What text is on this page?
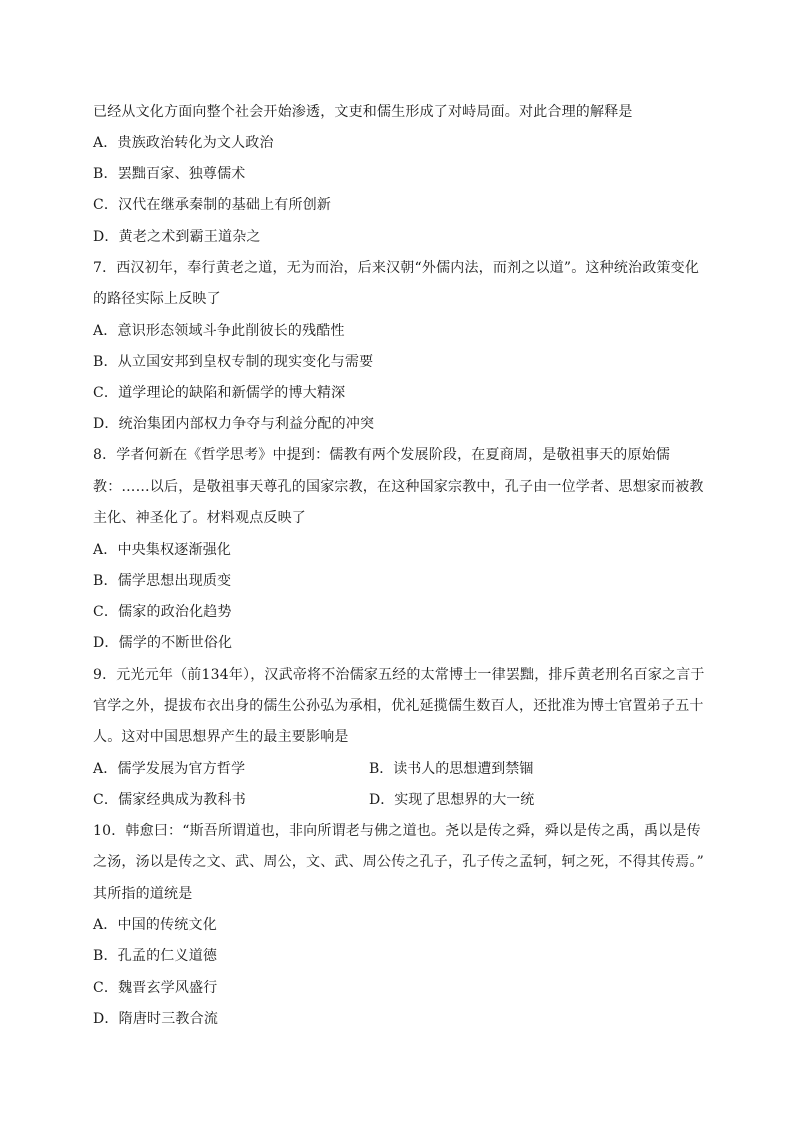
已经从文化方面向整个社会开始渗透，文吏和儒生形成了对峙局面。对此合理的解释是
A．贵族政治转化为文人政治
B．罢黜百家、独尊儒术
C．汉代在继承秦制的基础上有所创新
D．黄老之术到霸王道杂之
7．西汉初年，奉行黄老之道，无为而治，后来汉朝“外儒内法，而剂之以道”。这种统治政策变化
的路径实际上反映了
A．意识形态领域斗争此削彼长的残酷性
B．从立国安邦到皇权专制的现实变化与需要
C．道学理论的缺陷和新儒学的博大精深
D．统治集团内部权力争夺与利益分配的冲突
8．学者何新在《哲学思考》中提到：儒教有两个发展阶段，在夏商周，是敬祖事天的原始儒
教：……以后，是敬祖事天尊孔的国家宗教，在这种国家宗教中，孔子由一位学者、思想家而被教
主化、神圣化了。材料观点反映了
A．中央集权逐渐强化
B．儒学思想出现质变
C．儒家的政治化趋势
D．儒学的不断世俗化
9．元光元年（前134年），汉武帝将不治儒家五经的太常博士一律罢黜，排斥黄老刑名百家之言于
官学之外，提拔布衣出身的儒生公孙弘为承相，优礼延揽儒生数百人，还批准为博士官置弟子五十
人。这对中国思想界产生的最主要影响是
A．儒学发展为官方哲学	B．读书人的思想遭到禁锢
C．儒家经典成为教科书	D．实现了思想界的大一统
10．韩愈曰：“斯吾所谓道也，非向所谓老与佛之道也。尧以是传之舜，舜以是传之禹，禹以是传
之汤，汤以是传之文、武、周公，文、武、周公传之孔子，孔子传之孟轲，轲之死，不得其传焉。”
其所指的道统是
A．中国的传统文化
B．孔孟的仁义道德
C．魏晋玄学风盛行
D．隋唐时三教合流
